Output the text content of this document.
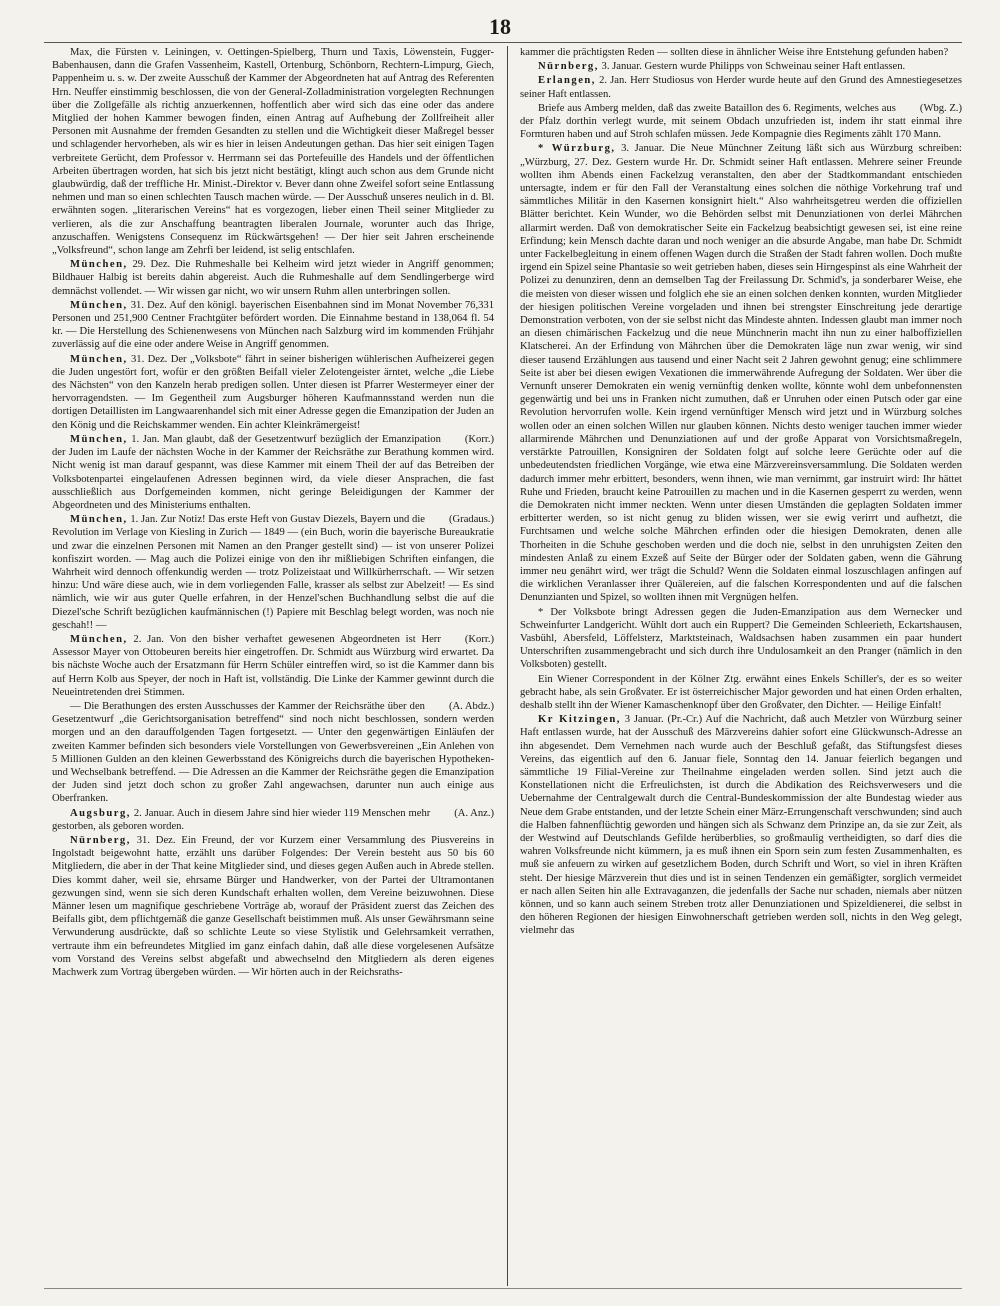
18

Max, die Fürsten v. Leiningen, v. Oettingen-Spielberg, Thurn und Taxis, Löwenstein, Fugger-Babenhausen, dann die Grafen Vassenheim, Kastell, Ortenburg, Schönborn, Rechtern-Limpurg, Giech, Pappenheim u. s. w. Der zweite Ausschuß der Kammer der Abgeordneten hat auf Antrag des Referenten Hrn. Neuffer einstimmig beschlossen, die von der General-Zolladministration vorgelegten Rechnungen über die Zollgefälle als richtig anzuerkennen, hoffentlich aber wird sich das eine oder das andere Mitglied der hohen Kammer bewogen finden, einen Antrag auf Aufhebung der Zollfreiheit aller Personen mit Ausnahme der fremden Gesandten zu stellen und die Wichtigkeit dieser Maßregel besser und schlagender hervorheben, als wir es hier in leisen Andeutungen gethan. Das hier seit einigen Tagen verbreitete Gerücht, dem Professor v. Herrmann sei das Portefeuille des Handels und der öffentlichen Arbeiten übertragen worden, hat sich bis jetzt nicht bestätigt, klingt auch schon aus dem Grunde nicht glaubwürdig, daß der treffliche Hr. Minist.-Direktor v. Bever dann ohne Zweifel sofort seine Entlassung nehmen und man so einen schlechten Tausch machen würde. — Der Ausschuß unseres neulich in d. Bl. erwähnten sogen. „literarischen Vereins“ hat es vorgezogen, lieber einen Theil seiner Mitglieder zu verlieren, als die zur Anschaffung beantragten liberalen Journale, worunter auch das Ihrige, anzuschaffen. Wenigstens Consequenz im Rückwärtsgehen! — Der hier seit Jahren erscheinende „Volksfreund“, schon lange am Zehrfi ber leidend, ist selig entschlafen.

München, 29. Dez. Die Ruhmeshalle bei Kelheim wird jetzt wieder in Angriff genommen; Bildhauer Halbig ist bereits dahin abgereist. Auch die Ruhmeshalle auf dem Sendlingerberge wird demnächst vollendet. — Wir wissen gar nicht, wo wir unsern Ruhm allen unterbringen sollen.

München, 31. Dez. Auf den königl. bayerischen Eisenbahnen sind im Monat November 76,331 Personen und 251,900 Centner Frachtgüter befördert worden. Die Einnahme bestand in 138,064 fl. 54 kr. — Die Herstellung des Schienenwesens von München nach Salzburg wird im kommenden Frühjahr zuverlässig auf die eine oder andere Weise in Angriff genommen.

München, 31. Dez. Der „Volksbote“ fährt in seiner bisherigen wühlerischen Aufheizerei gegen die Juden ungestört fort, wofür er den größten Beifall vieler Zelotengeister ärntet, welche „die Liebe des Nächsten“ von den Kanzeln herab predigen sollen. Unter diesen ist Pfarrer Westermeyer einer der hervorragendsten. — Im Gegentheil zum Augsburger höheren Kaufmannsstand werden nun die dortigen Detaillisten im Langwaarenhandel sich mit einer Adresse gegen die Emanzipation der Juden an den König und die Reichskammer wenden. Ein achter Kleinkrämergeist!

(Korr.)
München, 1. Jan. Man glaubt, daß der Gesetzentwurf bezüglich der Emanzipation der Juden im Laufe der nächsten Woche in der Kammer der Reichsräthe zur Berathung kommen wird. Nicht wenig ist man darauf gespannt, was diese Kammer mit einem Theil der auf das Betreiben der Volksbotenpartei eingelaufenen Adressen beginnen wird, da viele dieser Ansprachen, die fast ausschließlich aus Dorfgemeinden kommen, nicht geringe Beleidigungen der Kammer der Abgeordneten und des Ministeriums enthalten.

(Gradaus.)
München, 1. Jan. Zur Notiz! Das erste Heft von Gustav Diezels, Bayern und die Revolution im Verlage von Kiesling in Zurich — 1849 — (ein Buch, worin die bayerische Bureaukratie und zwar die einzelnen Personen mit Namen an den Pranger gestellt sind) — ist von unserer Polizei konfiszirt worden. — Mag auch die Polizei einige von den ihr mißliebigen Schriften einfangen, die Wahrheit wird dennoch offenkundig werden — trotz Polizeistaat und Willkürherrschaft. — Wir setzen hinzu: Und wäre diese auch, wie in dem vorliegenden Falle, krasser als selbst zur Abelzeit! — Es sind nämlich, wie wir aus guter Quelle erfahren, in der Henzel'schen Buchhandlung selbst die auf die Diezel'sche Schrift bezüglichen kaufmännischen (!) Papiere mit Beschlag belegt worden, was noch nie geschah!! —

(Korr.)
München, 2. Jan. Von den bisher verhaftet gewesenen Abgeordneten ist Herr Assessor Mayer von Ottobeuren bereits hier eingetroffen. Dr. Schmidt aus Würzburg wird erwartet. Da bis nächste Woche auch der Ersatzmann für Herrn Schüler eintreffen wird, so ist die Kammer dann bis auf Herrn Kolb aus Speyer, der noch in Haft ist, vollständig. Die Linke der Kammer gewinnt durch die Neueintretenden drei Stimmen.

(A. Abdz.)
— Die Berathungen des ersten Ausschusses der Kammer der Reichsräthe über den Gesetzentwurf „die Gerichtsorganisation betreffend“ sind noch nicht beschlossen, sondern werden morgen und an den darauffolgenden Tagen fortgesetzt. — Unter den gegenwärtigen Einläufen der zweiten Kammer befinden sich besonders viele Vorstellungen von Gewerbsvereinen „Ein Anlehen von 5 Millionen Gulden an den kleinen Gewerbsstand des Königreichs durch die bayerischen Hypotheken- und Wechselbank betreffend. — Die Adressen an die Kammer der Reichsräthe gegen die Emanzipation der Juden sind jetzt doch schon zu großer Zahl angewachsen, darunter nun auch einige aus Oberfranken.

(A. Anz.)
Augsburg, 2. Januar. Auch in diesem Jahre sind hier wieder 119 Menschen mehr gestorben, als geboren worden.

Nürnberg, 31. Dez. Ein Freund, der vor Kurzem einer Versammlung des Piusvereins in Ingolstadt beigewohnt hatte, erzählt uns darüber Folgendes: Der Verein besteht aus 50 bis 60 Mitgliedern, die aber in der That keine Mitglieder sind, und dieses gegen Außen auch in Abrede stellen. Dies kommt daher, weil sie, ehrsame Bürger und Handwerker, von der Partei der Ultramontanen gezwungen sind, wenn sie sich deren Kundschaft erhalten wollen, dem Vereine beizuwohnen. Diese Männer lesen um magnifique geschriebene Vorträge ab, worauf der Präsident zuerst das Zeichen des Beifalls gibt, dem pflichtgemäß die ganze Gesellschaft beistimmen muß. Als unser Gewährsmann seine Verwunderung ausdrückte, daß so schlichte Leute so viese Stylistik und Gelehrsamkeit verrathen, vertraute ihm ein befreundetes Mitglied im ganz einfach dahin, daß alle diese vorgelesenen Aufsätze vom Vorstand des Vereins selbst abgefaßt und abwechselnd den Mitgliedern als deren eigenes Machwerk zum Vortrag übergeben würden. — Wir hörten auch in der Reichsraths-

kammer die prächtigsten Reden — sollten diese in ähnlicher Weise ihre Entstehung gefunden haben?

Nürnberg, 3. Januar. Gestern wurde Philipps von Schweinau seiner Haft entlassen.

Erlangen, 2. Jan. Herr Studiosus von Herder wurde heute auf den Grund des Amnestiegesetzes seiner Haft entlassen.

(Wbg. Z.)
Briefe aus Amberg melden, daß das zweite Bataillon des 6. Regiments, welches aus der Pfalz dorthin verlegt wurde, mit seinem Obdach unzufrieden ist, indem ihr statt einmal ihre Formturen haben und auf Stroh schlafen müssen. Jede Kompagnie dies Regiments zählt 170 Mann.

* Würzburg, 3. Januar. Die Neue Münchner Zeitung läßt sich aus Würzburg schreiben: „Würzburg, 27. Dez. Gestern wurde Hr. Dr. Schmidt seiner Haft entlassen. Mehrere seiner Freunde wollten ihm Abends einen Fackelzug veranstalten, den aber der Stadtkommandant entschieden untersagte, indem er für den Fall der Veranstaltung eines solchen die nöthige Vorkehrung traf und sämmtliches Militär in den Kasernen konsignirt hielt.“ Also wahrheitsgetreu werden die offiziellen Blätter berichtet. Kein Wunder, wo die Behörden selbst mit Denunziationen von derlei Mährchen allarmirt werden. Daß von demokratischer Seite ein Fackelzug beabsichtigt gewesen sei, ist eine reine Erfindung; kein Mensch dachte daran und noch weniger an die absurde Angabe, man habe Dr. Schmidt unter Fackelbegleitung in einem offenen Wagen durch die Straßen der Stadt fahren wollen. Doch mußte irgend ein Spizel seine Phantasie so weit getrieben haben, dieses sein Hirngespinst als eine Wahrheit der Polizei zu denunziren, denn an demselben Tag der Freilassung Dr. Schmid's, ja sonderbarer Weise, ehe die meisten von dieser wissen und folglich ehe sie an einen solchen denken konnten, wurden Mitglieder der hiesigen politischen Vereine vorgeladen und ihnen bei strengster Einschreitung jede derartige Demonstration verboten, von der sie selbst nicht das Mindeste ahnten. Indessen glaubt man immer noch an diesen chimärischen Fackelzug und die neue Münchnerin macht ihn nun zu einer halboffiziellen Klatscherei. An der Erfindung von Mährchen über die Demokraten läge nun zwar wenig, wir sind dieser tausend Erzählungen aus tausend und einer Nacht seit 2 Jahren gewohnt genug; eine schlimmere Seite ist aber bei diesen ewigen Vexationen die immerwährende Aufregung der Soldaten. Wer über die Vernunft unserer Demokraten ein wenig vernünftig denken wollte, könnte wohl dem unbefonnensten gegenwärtig und bei uns in Franken nicht zumuthen, daß er Unruhen oder einen Putsch oder gar eine Revolution hervorrufen wolle. Kein irgend vernünftiger Mensch wird jetzt und in Würzburg solches wollen oder an einen solchen Willen nur glauben können. Nichts desto weniger tauchen immer wieder allarmirende Mährchen und Denunziationen auf und der große Apparat von Vorsichtsmaßregeln, verstärkte Patrouillen, Konsigniren der Soldaten folgt auf solche leere Gerüchte oder auf die unbedeutendsten friedlichen Vorgänge, wie etwa eine Märzvereinsversammlung. Die Soldaten werden dadurch immer mehr erbittert, besonders, wenn ihnen, wie man vernimmt, gar instruirt wird: Ihr hättet Ruhe und Frieden, braucht keine Patrouillen zu machen und in die Kasernen gesperrt zu werden, wenn die Demokraten nicht immer neckten. Wenn unter diesen Umständen die geplagten Soldaten immer erbitterter werden, so ist nicht genug zu bliden wissen, wer sie ewig verirrt und aufhetzt, die Furchtsamen und welche solche Mährchen erfinden oder die hiesigen Demokraten, denen alle Thorheiten in die Schuhe geschoben werden und die doch nie, selbst in den unruhigsten Zeiten den mindesten Anlaß zu einem Exzeß auf Seite der Bürger oder der Soldaten gaben, wenn die Gährung immer neu genährt wird, wer trägt die Schuld? Wenn die Soldaten einmal loszuschlagen anfingen auf die wirklichen Veranlasser ihrer Quälereien, auf die falschen Korrespondenten und auf die falschen Denunzianten und Spizel, so wollten ihnen mit Vergnügen helfen.

* Der Volksbote bringt Adressen gegen die Juden-Emanzipation aus dem Wernecker und Schweinfurter Landgericht. Wühlt dort auch ein Ruppert? Die Gemeinden Schleerieth, Eckartshausen, Vasbühl, Abersfeld, Löffelsterz, Marktsteinach, Waldsachsen haben zusammen ein paar hundert Unterschriften zusammengebracht und sich durch ihre Undulosamkeit an den Pranger (nämlich in den Volksboten) gestellt.

Ein Wiener Correspondent in der Kölner Ztg. erwähnt eines Enkels Schiller's, der es so weiter gebracht habe, als sein Großvater. Er ist österreichischer Major geworden und hat einen Orden erhalten, deshalb stellt ihn der Wiener Kamaschenknopf über den Großvater, den Dichter. — Heilige Einfalt!

Kr Kitzingen, 3 Januar. (Pr.-Cr.) Auf die Nachricht, daß auch Metzler von Würzburg seiner Haft entlassen wurde, hat der Ausschuß des Märzvereins dahier sofort eine Glückwunsch-Adresse an ihn abgesendet. Dem Vernehmen nach wurde auch der Beschluß gefaßt, das Stiftungsfest dieses Vereins, das eigentlich auf den 6. Januar fiele, Sonntag den 14. Januar feierlich begangen und sämmtliche 19 Filial-Vereine zur Theilnahme eingeladen werden sollen. Sind jetzt auch die Konstellationen nicht die Erfreulichsten, ist durch die Abdikation des Reichsverwesers und die Uebernahme der Centralgewalt durch die Central-Bundeskommission der alte Bundestag wieder aus Neue dem Grabe entstanden, und der letzte Schein einer März-Errungenschaft verschwunden; sind auch die Halben fahnenflüchtig geworden und hängen sich als Schwanz dem Prinzipe an, da sie zur Zeit, als der Westwind auf Deutschlands Gefilde herüberblies, so großmaulig vertheidigten, so darf dies die wahren Volksfreunde nicht kümmern, ja es muß ihnen ein Sporn sein zum festen Zusammenhalten, es muß sie anfeuern zu wirken auf gesetzlichem Boden, durch Schrift und Wort, so viel in ihren Kräften steht. Der hiesige Märzverein thut dies und ist in seinen Tendenzen ein gemäßigter, sorglich vermeidet er nach allen Seiten hin alle Extravaganzen, die jedenfalls der Sache nur schaden, niemals aber nützen können, und so kann auch seinem Streben trotz aller Denunziationen und Spizeldienerei, die selbst in den höheren Regionen der hiesigen Einwohnerschaft getrieben werden soll, nichts in den Weg gelegt, vielmehr das
